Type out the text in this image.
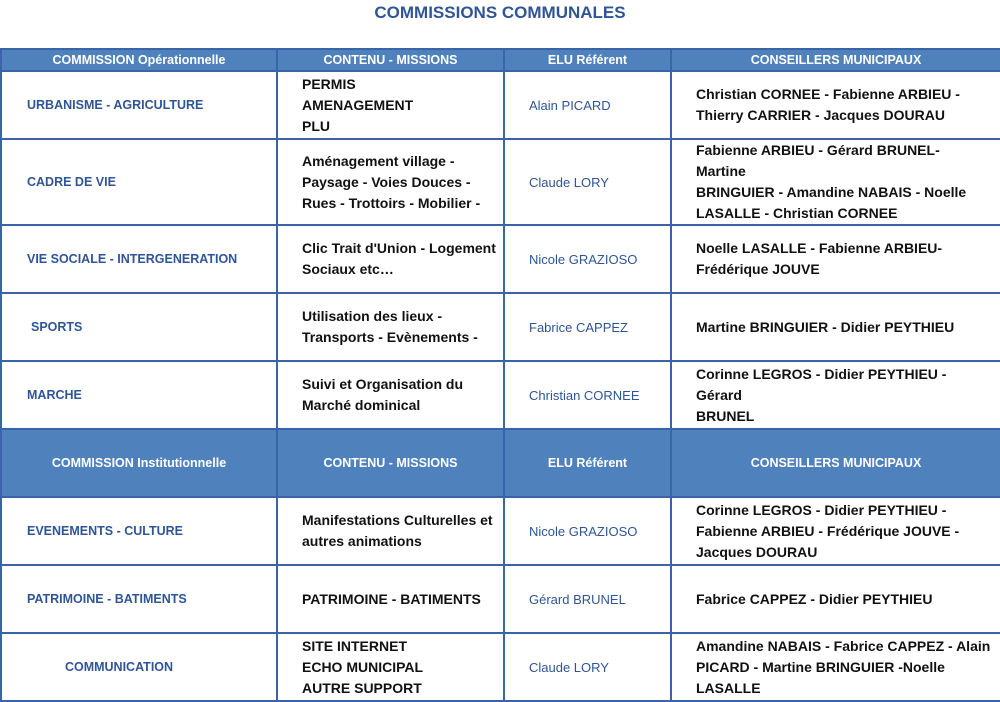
COMMISSIONS COMMUNALES
COMMISSION Opérationnelle	CONTENU - MISSIONS	ELU Référent	CONSEILLERS MUNICIPAUX
URBANISME - AGRICULTURE	PERMIS
AMENAGEMENT
PLU	Alain PICARD	Christian CORNEE - Fabienne ARBIEU -
Thierry CARRIER - Jacques DOURAU

CADRE DE VIE	Aménagement village -
Paysage - Voies Douces -
Rues - Trottoirs - Mobilier -	Claude LORY	Fabienne ARBIEU - Gérard BRUNEL- Martine
BRINGUIER - Amandine NABAIS - Noelle
LASALLE - Christian CORNEE

VIE SOCIALE - INTERGENERATION	Clic Trait d'Union - Logement
Sociaux etc…	Nicole GRAZIOSO	Noelle LASALLE - Fabienne ARBIEU-
Frédérique JOUVE

SPORTS	Utilisation des lieux -
Transports - Evènements -	Fabrice CAPPEZ	Martine BRINGUIER - Didier PEYTHIEU

MARCHE	Suivi et Organisation du
Marché dominical	Christian CORNEE	Corinne LEGROS - Didier PEYTHIEU - Gérard
BRUNEL

COMMISSION Institutionnelle	CONTENU - MISSIONS	ELU Référent	CONSEILLERS MUNICIPAUX
EVENEMENTS - CULTURE	Manifestations Culturelles et
autres animations	Nicole GRAZIOSO	Corinne LEGROS - Didier PEYTHIEU -
Fabienne ARBIEU - Frédérique JOUVE -
Jacques DOURAU

PATRIMOINE - BATIMENTS	PATRIMOINE - BATIMENTS	Gérard BRUNEL	Fabrice CAPPEZ - Didier PEYTHIEU

COMMUNICATION	SITE INTERNET
ECHO MUNICIPAL
AUTRE SUPPORT	Claude LORY	Amandine NABAIS - Fabrice CAPPEZ - Alain
PICARD - Martine BRINGUIER -Noelle
LASALLE
